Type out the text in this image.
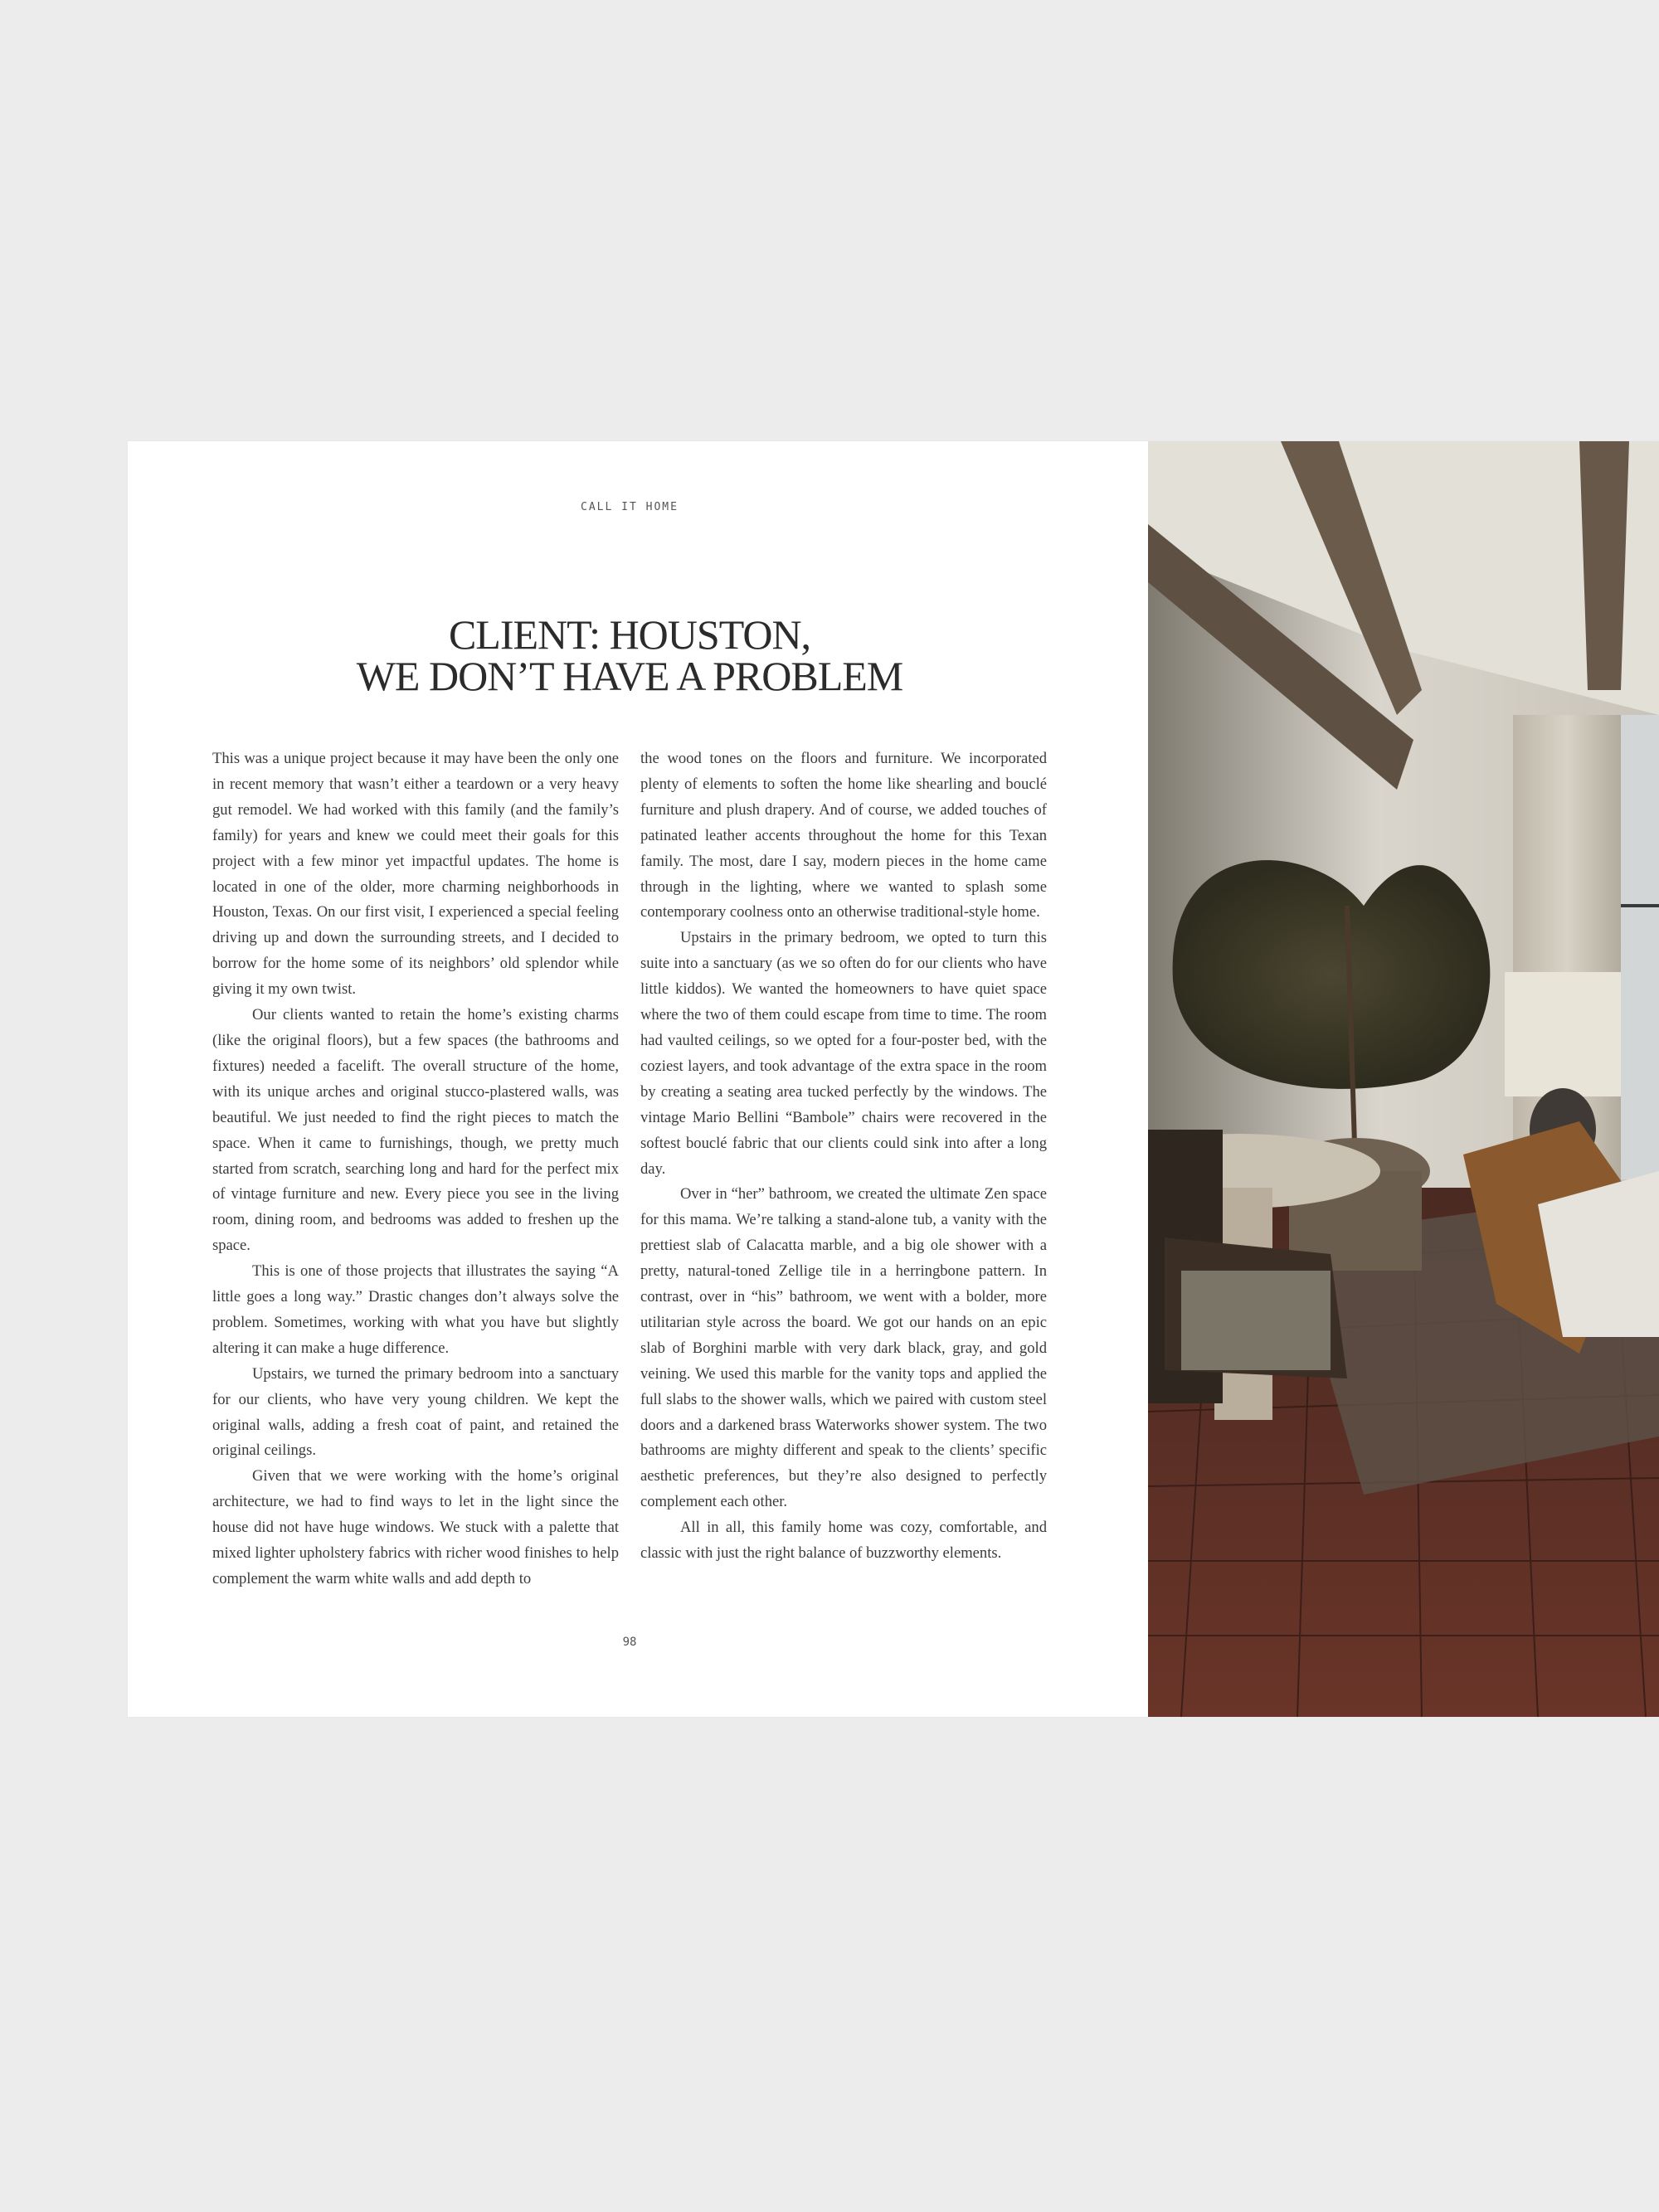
CALL IT HOME
CLIENT: HOUSTON,
WE DON’T HAVE A PROBLEM

This was a unique project because it may have been the only one in recent memory that wasn’t either a teardown or a very heavy gut remodel. We had worked with this family (and the family’s family) for years and knew we could meet their goals for this project with a few minor yet impactful updates. The home is located in one of the older, more charming neighborhoods in Houston, Texas. On our first visit, I experienced a special feeling driving up and down the surrounding streets, and I decided to borrow for the home some of its neighbors’ old splendor while giving it my own twist.

Our clients wanted to retain the home’s existing charms (like the original floors), but a few spaces (the bathrooms and fixtures) needed a facelift. The overall structure of the home, with its unique arches and original stucco-plastered walls, was beautiful. We just needed to find the right pieces to match the space. When it came to furnishings, though, we pretty much started from scratch, searching long and hard for the perfect mix of vintage furniture and new. Every piece you see in the living room, dining room, and bedrooms was added to freshen up the space.

This is one of those projects that illustrates the saying “A little goes a long way.” Drastic changes don’t always solve the problem. Sometimes, working with what you have but slightly altering it can make a huge difference.

Upstairs, we turned the primary bedroom into a sanctuary for our clients, who have very young children. We kept the original walls, adding a fresh coat of paint, and retained the original ceilings.

Given that we were working with the home’s original architecture, we had to find ways to let in the light since the house did not have huge windows. We stuck with a palette that mixed lighter upholstery fabrics with richer wood finishes to help complement the warm white walls and add depth to

the wood tones on the floors and furniture. We incorporated plenty of elements to soften the home like shearling and bouclé furniture and plush drapery. And of course, we added touches of patinated leather accents throughout the home for this Texan family. The most, dare I say, modern pieces in the home came through in the lighting, where we wanted to splash some contemporary coolness onto an otherwise traditional-style home.

Upstairs in the primary bedroom, we opted to turn this suite into a sanctuary (as we so often do for our clients who have little kiddos). We wanted the homeowners to have quiet space where the two of them could escape from time to time. The room had vaulted ceilings, so we opted for a four-poster bed, with the coziest layers, and took advantage of the extra space in the room by creating a seating area tucked perfectly by the windows. The vintage Mario Bellini “Bambole” chairs were recovered in the softest bouclé fabric that our clients could sink into after a long day.

Over in “her” bathroom, we created the ultimate Zen space for this mama. We’re talking a stand-alone tub, a vanity with the prettiest slab of Calacatta marble, and a big ole shower with a pretty, natural-toned Zellige tile in a herringbone pattern. In contrast, over in “his” bathroom, we went with a bolder, more utilitarian style across the board. We got our hands on an epic slab of Borghini marble with very dark black, gray, and gold veining. We used this marble for the vanity tops and applied the full slabs to the shower walls, which we paired with custom steel doors and a darkened brass Waterworks shower system. The two bathrooms are mighty different and speak to the clients’ specific aesthetic preferences, but they’re also designed to perfectly complement each other.

All in all, this family home was cozy, comfortable, and classic with just the right balance of buzzworthy elements.

98
